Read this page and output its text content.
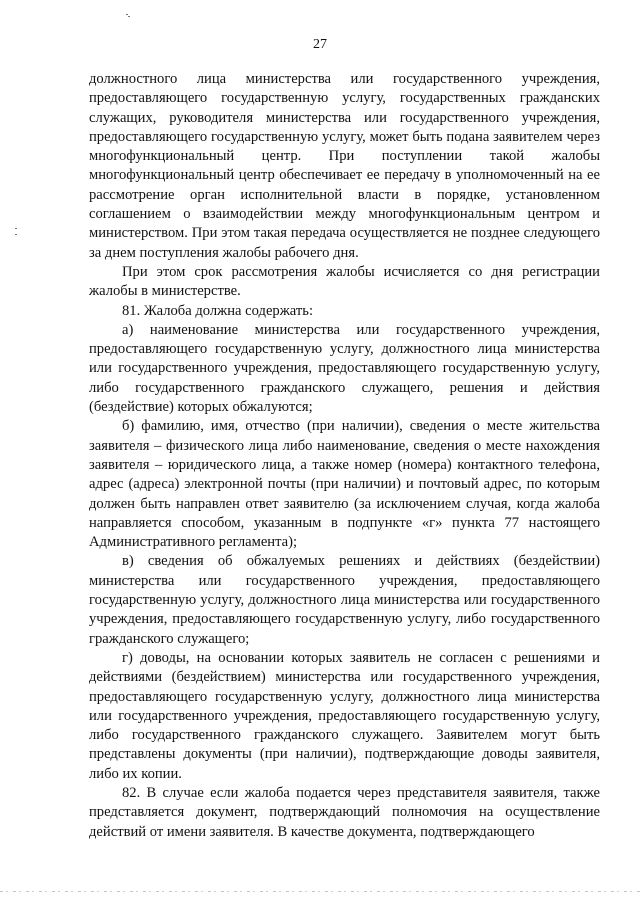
27

должностного лица министерства или государственного учреждения, предоставляющего государственную услугу, государственных гражданских служащих, руководителя министерства или государственного учреждения, предоставляющего государственную услугу, может быть подана заявителем через многофункциональный центр. При поступлении такой жалобы многофункциональный центр обеспечивает ее передачу в уполномоченный на ее рассмотрение орган исполнительной власти в порядке, установленном соглашением о взаимодействии между многофункциональным центром и министерством. При этом такая передача осуществляется не позднее следующего за днем поступления жалобы рабочего дня.

При этом срок рассмотрения жалобы исчисляется со дня регистрации жалобы в министерстве.

81. Жалоба должна содержать:

а) наименование министерства или государственного учреждения, предоставляющего государственную услугу, должностного лица министерства или государственного учреждения, предоставляющего государственную услугу, либо государственного гражданского служащего, решения и действия (бездействие) которых обжалуются;

б) фамилию, имя, отчество (при наличии), сведения о месте жительства заявителя – физического лица либо наименование, сведения о месте нахождения заявителя – юридического лица, а также номер (номера) контактного телефона, адрес (адреса) электронной почты (при наличии) и почтовый адрес, по которым должен быть направлен ответ заявителю (за исключением случая, когда жалоба направляется способом, указанным в подпункте «г» пункта 77 настоящего Административного регламента);

в) сведения об обжалуемых решениях и действиях (бездействии) министерства или государственного учреждения, предоставляющего государственную услугу, должностного лица министерства или государственного учреждения, предоставляющего государственную услугу, либо государственного гражданского служащего;

г) доводы, на основании которых заявитель не согласен с решениями и действиями (бездействием) министерства или государственного учреждения, предоставляющего государственную услугу, должностного лица министерства или государственного учреждения, предоставляющего государственную услугу, либо государственного гражданского служащего. Заявителем могут быть представлены документы (при наличии), подтверждающие доводы заявителя, либо их копии.

82. В случае если жалоба подается через представителя заявителя, также представляется документ, подтверждающий полномочия на осуществление действий от имени заявителя. В качестве документа, подтверждающего
